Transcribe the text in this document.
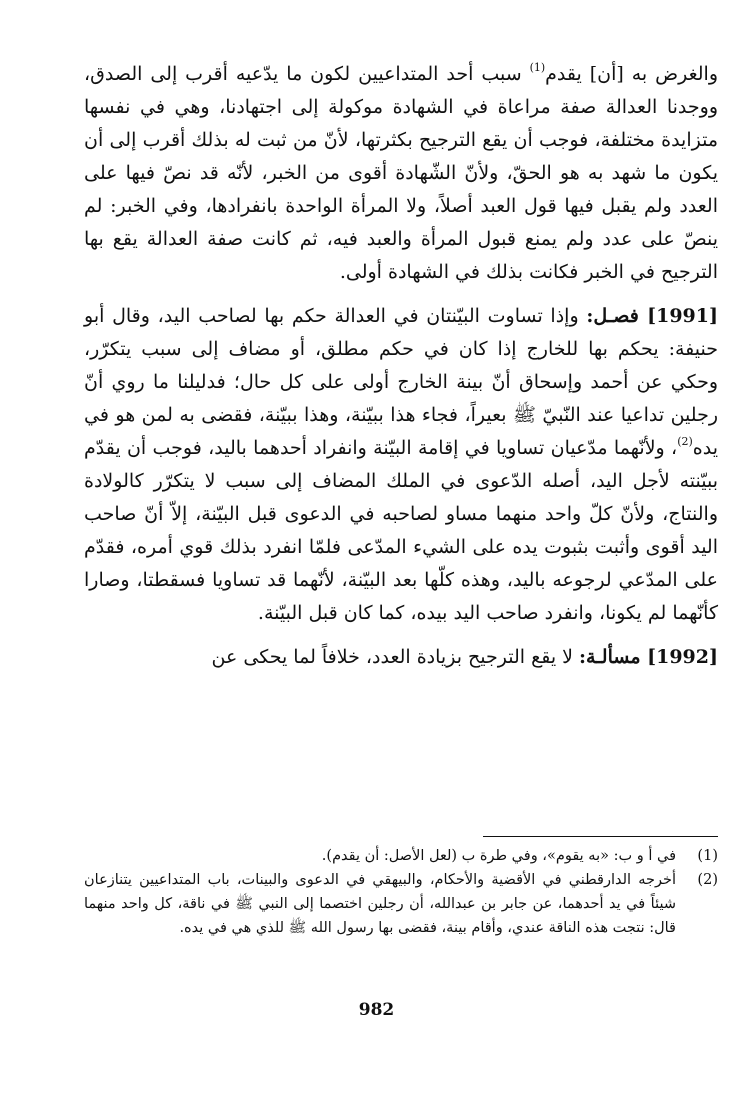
والغرض به [أن] يقدم$^{(1)}$ سبب أحد المتداعيين لكون ما يدّعيه أقرب إلى الصدق، ووجدنا العدالة صفة مراعاة في الشهادة موكولة إلى اجتهادنا، وهي في نفسها متزايدة مختلفة، فوجب أن يقع الترجيح بكثرتها، لأنّ من ثبت له بذلك أقرب إلى أن يكون ما شهد به هو الحقّ، ولأنّ الشّهادة أقوى من الخبر، لأنّه قد نصّ فيها على العدد ولم يقبل فيها قول العبد أصلاً، ولا المرأة الواحدة بانفرادها، وفي الخبر: لم ينصّ على عدد ولم يمنع قبول المرأة والعبد فيه، ثم كانت صفة العدالة يقع بها الترجيح في الخبر فكانت بذلك في الشهادة أولى.

[1991] فصـل: وإذا تساوت البيّنتان في العدالة حكم بها لصاحب اليد، وقال أبو حنيفة: يحكم بها للخارج إذا كان في حكم مطلق، أو مضاف إلى سبب يتكرّر، وحكي عن أحمد وإسحاق أنّ بينة الخارج أولى على كل حال؛ فدليلنا ما روي أنّ رجلين تداعيا عند النّبيّ ﷺ بعيراً، فجاء هذا ببيّنة، وهذا ببيّنة، فقضى به لمن هو في يده$^{(2)}$، ولأنّهما مدّعيان تساويا في إقامة البيّنة وانفراد أحدهما باليد، فوجب أن يقدّم ببيّنته لأجل اليد، أصله الدّعوى في الملك المضاف إلى سبب لا يتكرّر كالولادة والنتاج، ولأنّ كلّ واحد منهما مساو لصاحبه في الدعوى قبل البيّنة، إلاّ أنّ صاحب اليد أقوى وأثبت بثبوت يده على الشيء المدّعى فلمّا انفرد بذلك قوي أمره، فقدّم على المدّعي لرجوعه باليد، وهذه كلّها بعد البيّنة، لأنّهما قد تساويا فسقطتا، وصارا كأنّهما لم يكونا، وانفرد صاحب اليد بيده، كما كان قبل البيّنة.

[1992] مسألـة: لا يقع الترجيح بزيادة العدد، خلافاً لما يحكى عن

(1)
في أ و ب: «به يقوم»، وفي طرة ب (لعل الأصل: أن يقدم).

(2)
أخرجه الدارقطني في الأقضية والأحكام، والبيهقي في الدعوى والبينات، باب المتداعيين يتنازعان شيئاً في يد أحدهما، عن جابر بن عبدالله، أن رجلين اختصما إلى النبي ﷺ في ناقة، كل واحد منهما قال: نتجت هذه الناقة عندي، وأقام بينة، فقضى بها رسول الله ﷺ للذي هي في يده.

982
